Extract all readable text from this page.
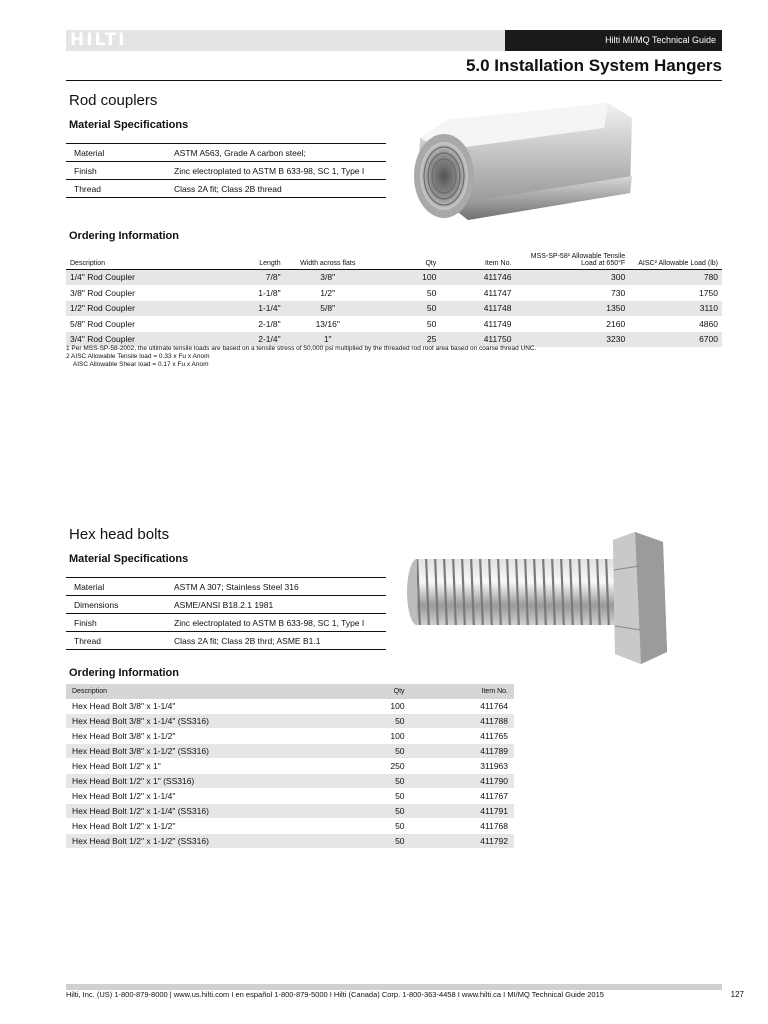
HILTI	Hilti MI/MQ Technical Guide
5.0 Installation System Hangers
Rod couplers
Material Specifications
Material	ASTM A563, Grade A carbon steel;
Finish	Zinc electroplated to ASTM B 633-98, SC 1, Type I
Thread	Class 2A fit; Class 2B thread
Ordering Information
Description	Length	Width across flats	Qty	Item No.	MSS-SP-58¹ Allowable Tensile Load at 650°F	AISC² Allowable Load (lb)
1/4" Rod Coupler	7/8"	3/8"	100	411746	300	780
3/8" Rod Coupler	1-1/8"	1/2"	50	411747	730	1750
1/2" Rod Coupler	1-1/4"	5/8"	50	411748	1350	3110
5/8" Rod Coupler	2-1/8"	13/16"	50	411749	2160	4860
3/4" Rod Coupler	2-1/4"	1"	25	411750	3230	6700
1 Per MSS-SP-58-2002, the ultimate tensile loads are based on a tensile stress of 50,000 psi multiplied by the threaded rod root area based on coarse thread UNC.
2 AISC Allowable Tensile load = 0.33 x Fu x Anom
AISC Allowable Shear load = 0.17 x Fu x Anom
Hex head bolts
Material Specifications
Material	ASTM A 307; Stainless Steel 316
Dimensions	ASME/ANSI B18.2.1 1981
Finish	Zinc electroplated to ASTM B 633-98, SC 1, Type I
Thread	Class 2A fit; Class 2B thrd; ASME B1.1
Ordering Information
Description	Qty	Item No.
Hex Head Bolt 3/8" x 1-1/4"	100	411764
Hex Head Bolt 3/8" x 1-1/4" (SS316)	50	411788
Hex Head Bolt 3/8" x 1-1/2"	100	411765
Hex Head Bolt 3/8" x 1-1/2" (SS316)	50	411789
Hex Head Bolt 1/2" x 1"	250	311963
Hex Head Bolt 1/2" x 1" (SS316)	50	411790
Hex Head Bolt 1/2" x 1-1/4"	50	411767
Hex Head Bolt 1/2" x 1-1/4" (SS316)	50	411791
Hex Head Bolt 1/2" x 1-1/2"	50	411768
Hex Head Bolt 1/2" x 1-1/2" (SS316)	50	411792
Hilti, Inc. (US) 1-800-879-8000 | www.us.hilti.com I en español 1-800-879-5000 I Hilti (Canada) Corp. 1-800-363-4458 I www.hilti.ca I MI/MQ Technical Guide 2015	127
